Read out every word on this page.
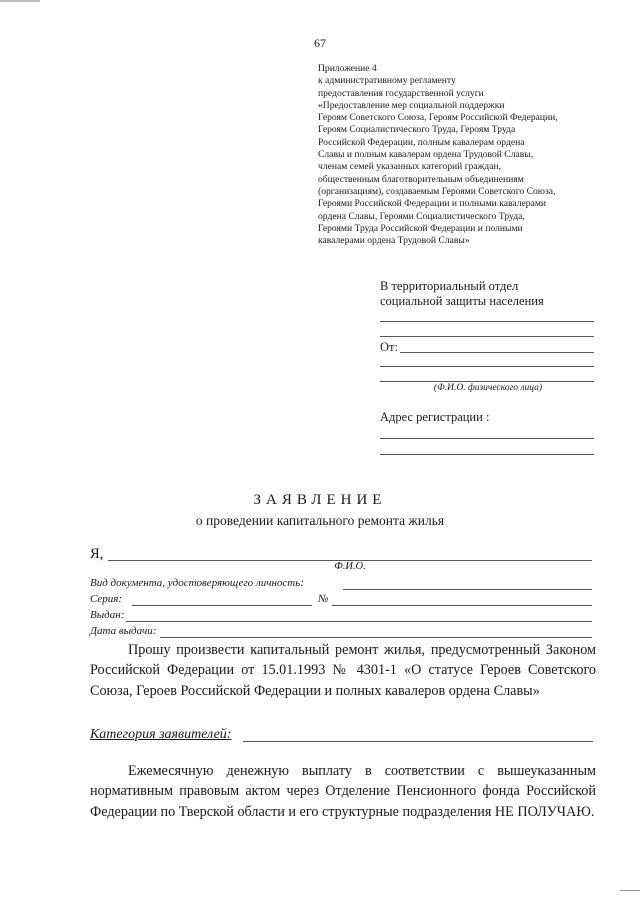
67
Приложение 4
к административному регламенту
предоставления государственной услуги
«Предоставление мер социальной поддержки
Героям Советского Союза, Героям Российской Федерации,
Героям Социалистического Труда, Героям Труда
Российской Федерации, полным кавалерам ордена
Славы и полным кавалерам ордена Трудовой Славы,
членам семей указанных категорий граждан,
общественным благотворительным объединениям
(организациям), создаваемым Героями Советского Союза,
Героями Российской Федерации и полными кавалерами
ордена Славы, Героями Социалистического Труда,
Героями Труда Российской Федерации и полными
кавалерами ордена Трудовой Славы»
В территориальный отдел
социальной защиты населения
От:
(Ф.И.О. физического лица)
Адрес регистрации :
ЗАЯВЛЕНИЕ
о проведении капитального ремонта жилья
Я,
Ф.И.О.
Вид документа, удостоверяющего личность:
Серия:	№
Выдан:
Дата выдачи:
Прошу произвести капитальный ремонт жилья, предусмотренный Законом Российской Федерации от 15.01.1993 № 4301-1 «О статусе Героев Советского Союза, Героев Российской Федерации и полных кавалеров ордена Славы»
Категория заявителей:
Ежемесячную денежную выплату в соответствии с вышеуказанным нормативным правовым актом через Отделение Пенсионного фонда Российской Федерации по Тверской области и его структурные подразделения НЕ ПОЛУЧАЮ.
